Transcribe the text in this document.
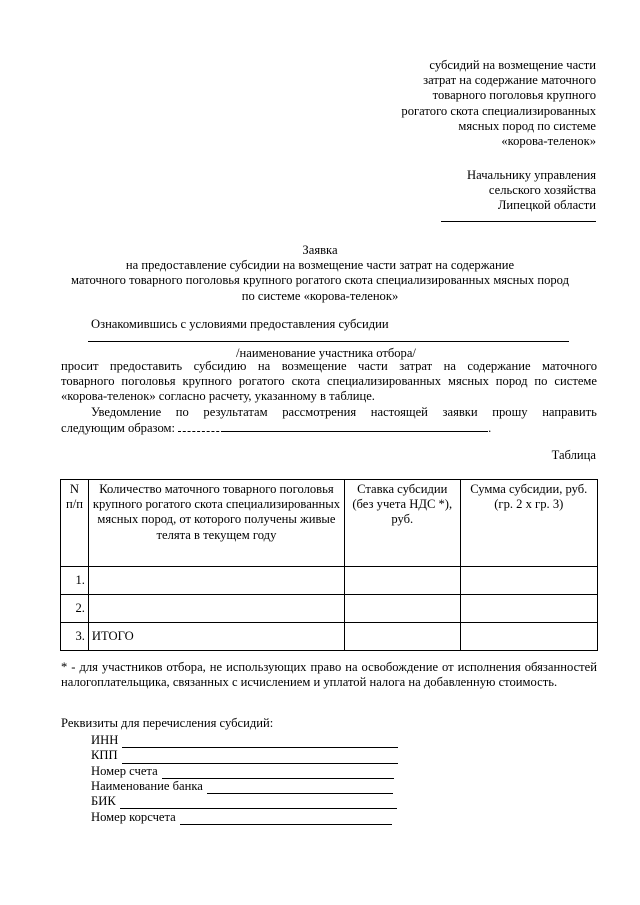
субсидий на возмещение части
затрат на содержание маточного
товарного поголовья крупного
рогатого скота специализированных
мясных пород по системе
«корова-теленок»
Начальнику управления
сельского хозяйства
Липецкой области
Заявка
на предоставление субсидии на возмещение части затрат на содержание
маточного товарного поголовья крупного рогатого скота специализированных мясных пород
по системе «корова-теленок»
Ознакомившись с условиями предоставления субсидии
/наименование участника отбора/
просит предоставить субсидию на возмещение части затрат на содержание маточного
товарного поголовья крупного рогатого скота специализированных мясных пород по системе «корова-теленок» согласно расчету, указанному в таблице.
Уведомление по результатам рассмотрения настоящей заявки прошу направить
следующим образом:	.
Таблица
N п/п	Количество маточного товарного поголовья крупного рогатого скота специализированных мясных пород, от которого получены живые телята в текущем году	Ставка субсидии (без учета НДС *), руб.	Сумма субсидии, руб. (гр. 2 x гр. 3)
1.			
2.			
3.	ИТОГО		
* - для участников отбора, не использующих право на освобождение от исполнения обязанностей налогоплательщика, связанных с исчислением и уплатой налога на добавленную стоимость.
Реквизиты для перечисления субсидий:
ИНН
КПП
Номер счета
Наименование банка
БИК
Номер корсчета
